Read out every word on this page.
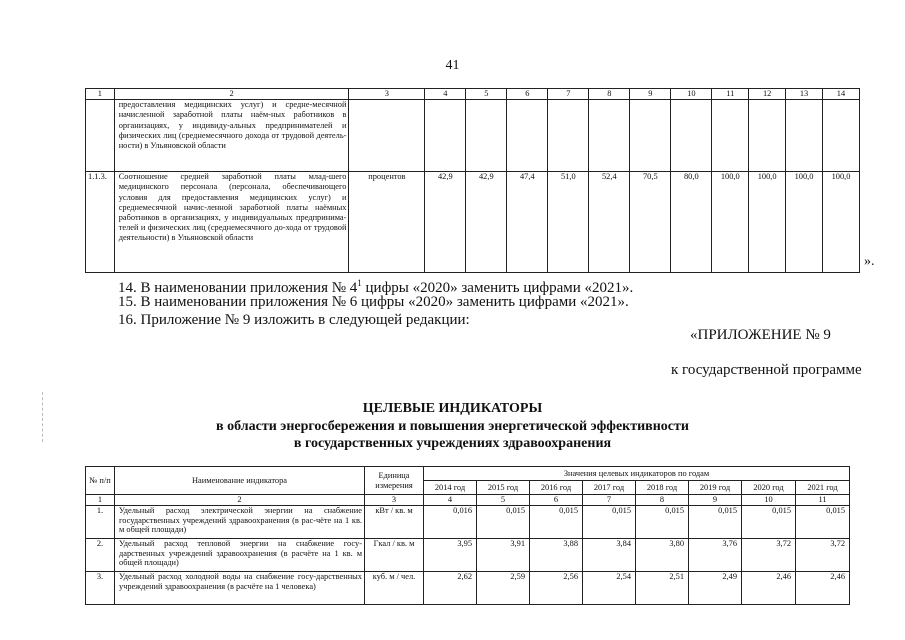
41
1	2	3	4	5	6	7	8	9	10	11	12	13	14
	предоставления медицинских услуг) и средне-месячной начисленной заработной платы наём-ных работников в организациях, у индивиду-альных предпринимателей и физических лиц (среднемесячного дохода от трудовой деятель-ности) в Ульяновской области												
1.1.3.	Соотношение средней заработной платы млад-шего медицинского персонала (персонала, обеспечивающего условия для предоставления медицинских услуг) и среднемесячной начис-ленной заработной платы наёмных работников в организациях, у индивидуальных предпринима-телей и физических лиц (среднемесячного до-хода от трудовой деятельности) в Ульяновской области	процентов	42,9	42,9	47,4	51,0	52,4	70,5	80,0	100,0	100,0	100,0	100,0
».
14. В наименовании приложения № $4^1$ цифры «2020» заменить цифрами «2021».
15. В наименовании приложения № 6 цифры «2020» заменить цифрами «2021».
16. Приложение № 9 изложить в следующей редакции:
«ПРИЛОЖЕНИЕ № 9
к государственной программе
ЦЕЛЕВЫЕ ИНДИКАТОРЫ
в области энергосбережения и повышения энергетической эффективности
в государственных учреждениях здравоохранения
№ п/п	Наименование индикатора	Единица измерения	Значения целевых индикаторов по годам							
			2014 год	2015 год	2016 год	2017 год	2018 год	2019 год	2020 год	2021 год
1	2	3	4	5	6	7	8	9	10	11
1.	Удельный расход электрической энергии на снабжение государственных учреждений здравоохранения (в рас-чёте на 1 кв. м общей площади)	кВт / кв. м	0,016	0,015	0,015	0,015	0,015	0,015	0,015	0,015
2.	Удельный расход тепловой энергии на снабжение госу-дарственных учреждений здравоохранения (в расчёте на 1 кв. м общей площади)	Гкал / кв. м	3,95	3,91	3,88	3,84	3,80	3,76	3,72	3,72
3.	Удельный расход холодной воды на снабжение госу-дарственных учреждений здравоохранения (в расчёте на 1 человека)	куб. м / чел.	2,62	2,59	2,56	2,54	2,51	2,49	2,46	2,46
